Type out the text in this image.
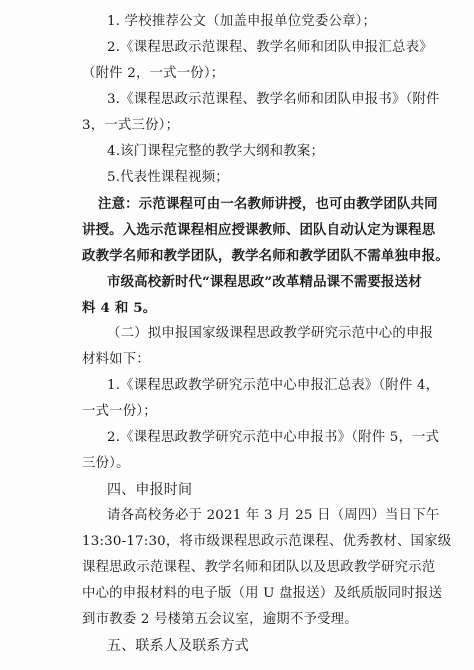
1. 学校推荐公文（加盖申报单位党委公章）；
2.《课程思政示范课程、教学名师和团队申报汇总表》
（附件 2，一式一份）；
3.《课程思政示范课程、教学名师和团队申报书》（附件
3，一式三份）；
4.该门课程完整的教学大纲和教案；
5.代表性课程视频；
注意：示范课程可由一名教师讲授，也可由教学团队共同
讲授。入选示范课程相应授课教师、团队自动认定为课程思
政教学名师和教学团队，教学名师和教学团队不需单独申报。
市级高校新时代“课程思政”改革精品课不需要报送材
料 4 和 5。
（二）拟申报国家级课程思政教学研究示范中心的申报
材料如下：
1.《课程思政教学研究示范中心申报汇总表》（附件 4，
一式一份）；
2.《课程思政教学研究示范中心申报书》（附件 5，一式
三份）。
四、申报时间
请各高校务必于 2021 年 3 月 25 日（周四）当日下午
13:30-17:30，将市级课程思政示范课程、优秀教材、国家级
课程思政示范课程、教学名师和团队以及思政教学研究示范
中心的申报材料的电子版（用 U 盘报送）及纸质版同时报送
到市教委 2 号楼第五会议室，逾期不予受理。
五、联系人及联系方式
